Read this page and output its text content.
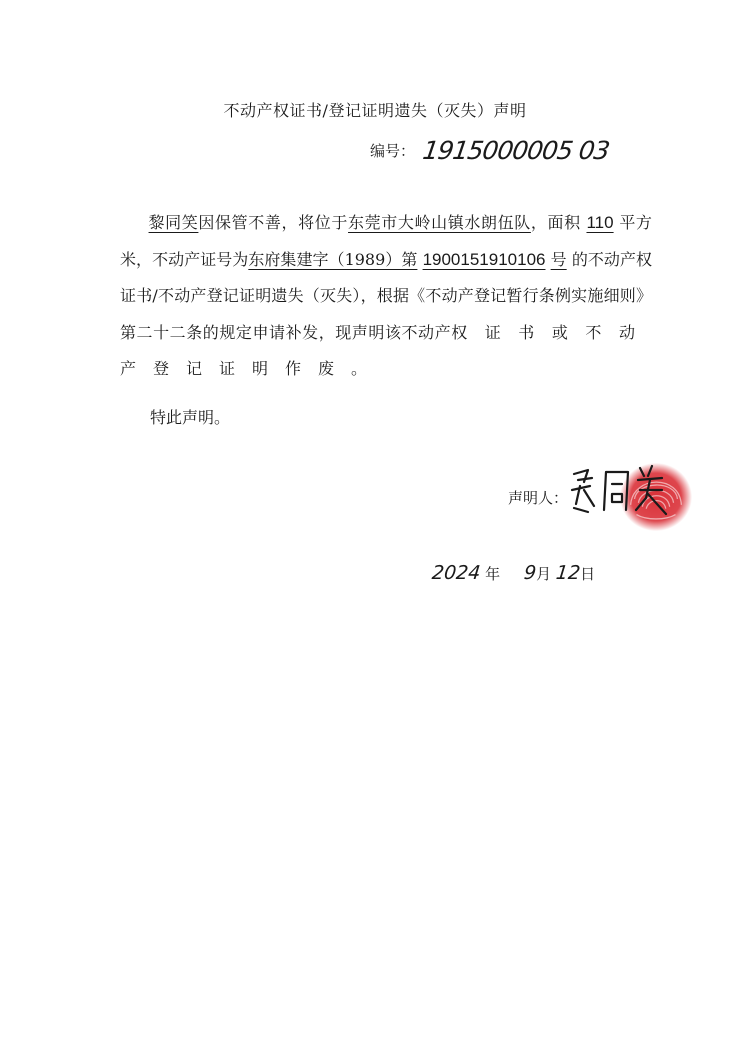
不动产权证书/登记证明遗失（灭失）声明
编号： 1915000005 03

黎同笑因保管不善，将位于东莞市大岭山镇水朗伍队，面积 110 平方米，不动产证号为东府集建字（1989）第 1900151910106 号 的不动产权证书/不动产登记证明遗失（灭失），根据《不动产登记暂行条例实施细则》第二十二条的规定申请补发，现声明该不动产权证书或不动产登记证明作废。

特此声明。
声明人：
2024 年 9月 12日
